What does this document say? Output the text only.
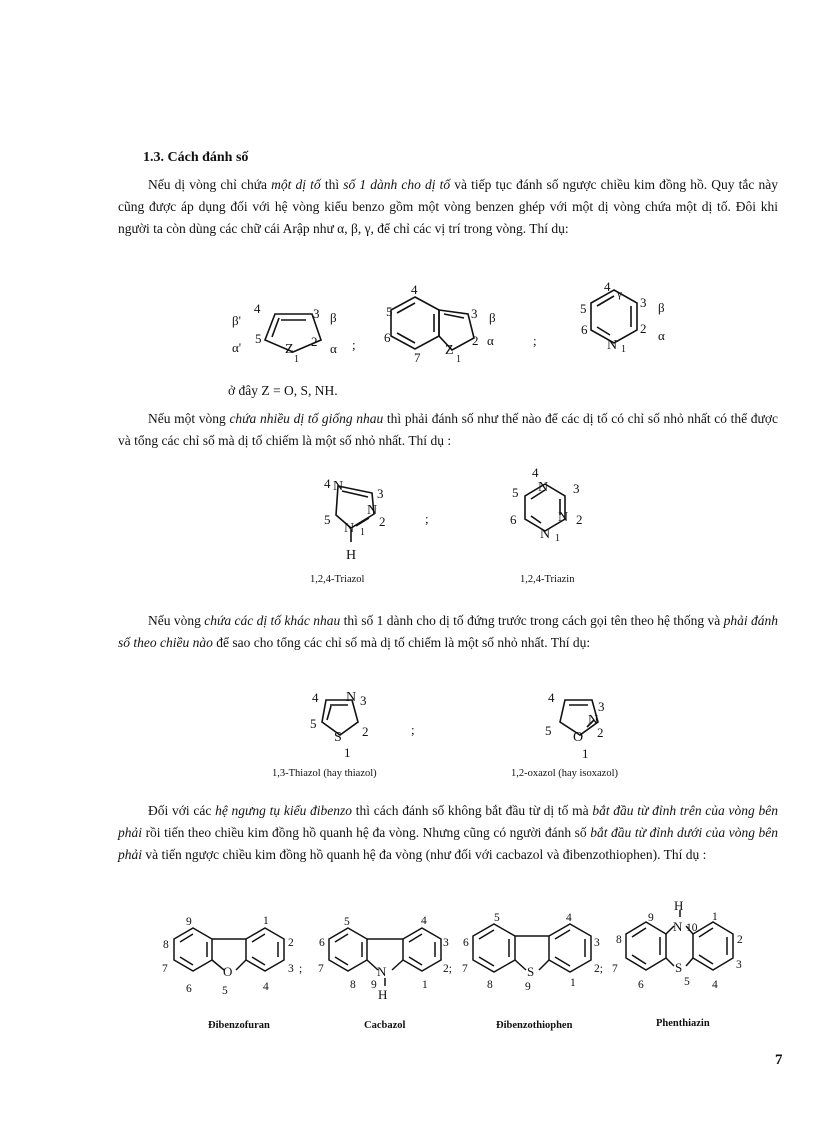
1.3. Cách đánh số
Nếu dị vòng chỉ chứa một dị tố thì số 1 dành cho dị tố và tiếp tục đánh số ngược chiều kim đồng hồ. Quy tắc này cũng được áp dụng đối với hệ vòng kiểu benzo gồm một vòng benzen ghép với một dị vòng chứa một dị tố. Đôi khi người ta còn dùng các chữ cái Arập như α, β, γ, để chỉ các vị trí trong vòng. Thí dụ:
β'
4	3 β
α'
5
Z
1
2 α ;
4
5
6
7 Z
1
3 β
2 α	;
4 γ
5	3 β
6
N 1
2 α
ở đây Z = O, S, NH.
Nếu một vòng chứa nhiều dị tố giống nhau thì phải đánh số như thế nào để các dị tố có chỉ số nhỏ nhất có thể được và tổng các chỉ số mà dị tố chiếm là một số nhỏ nhất. Thí dụ :
4 N	3
5
N
2
N 1
H
;
4
N
5	3
6	N 2
N 1
1,2,4-Triazol	1,2,4-Triazin
Nếu vòng chứa các dị tố khác nhau thì số 1 dành cho dị tố đứng trước trong cách gọi tên theo hệ thống và phải đánh số theo chiều nào để sao cho tổng các chỉ số mà dị tố chiếm là một số nhỏ nhất. Thí dụ:
4 N 3
5
S 2
1
;
4
3
N
5 O 2
1
1,3-Thiazol (hay thiazol)	1,2-oxazol (hay isoxazol)
Đối với các hệ ngưng tụ kiểu đibenzo thì cách đánh số không bắt đầu từ dị tố mà bắt đầu từ đỉnh trên của vòng bên phải rồi tiến theo chiều kim đồng hồ quanh hệ đa vòng. Nhưng cũng có người đánh số bắt đầu từ đỉnh dưới của vòng bên phải và tiến ngược chiều kim đồng hồ quanh hệ đa vòng (như đối với cacbazol và đibenzothiophen). Thí dụ :
9	1
8	2
7	3 ;
6	5	4
O
6
5	4
3
7	2;
8 9
N
H
1
6
5	4
3
7	2;
8	9
S
1
H
9
N 10
1
8	2
7	3
6
S
5 4
Đibenzofuran	Cacbazol	Đibenzothiophen	Phenthiazin
7
